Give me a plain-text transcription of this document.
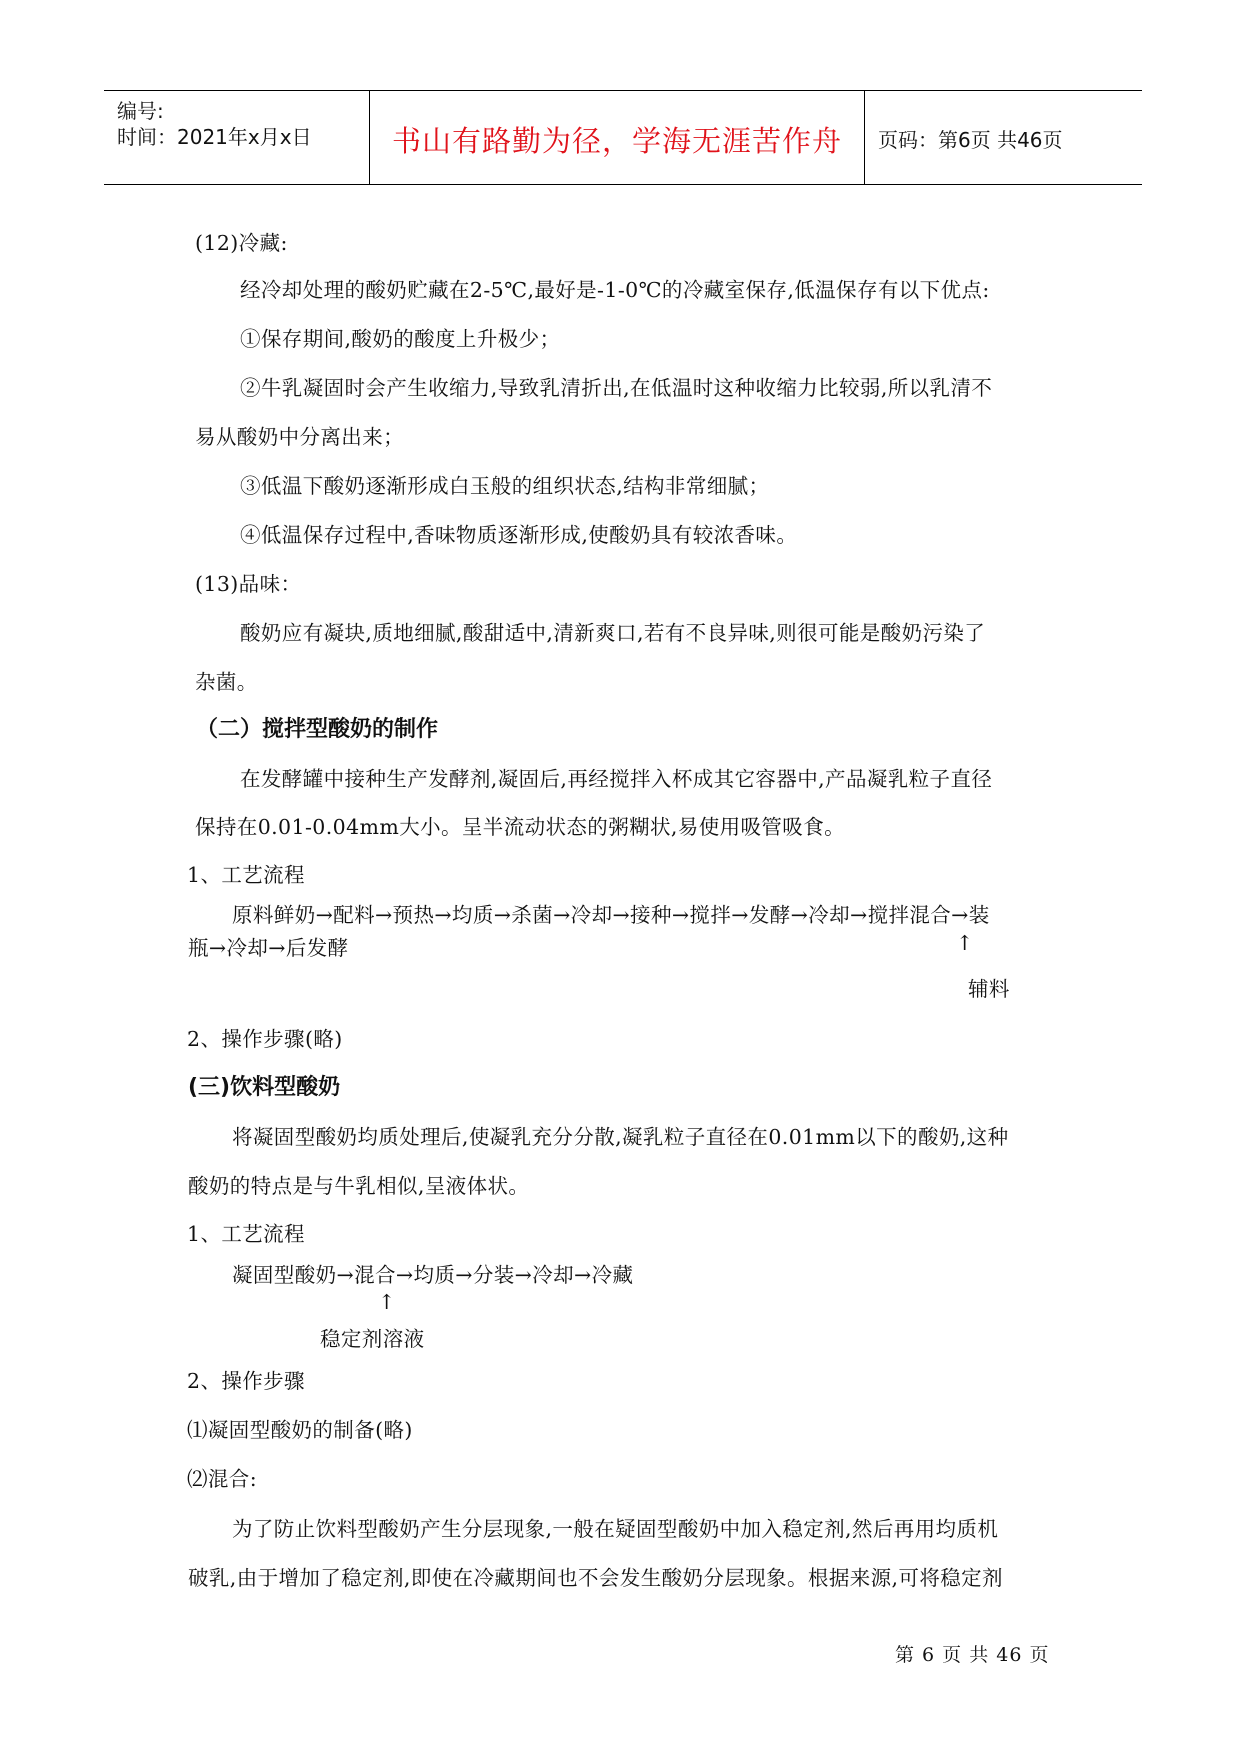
编号:
时间：2021年x月x日	书山有路勤为径，学海无涯苦作舟	页码：第6页 共46页
(12)冷藏:
经冷却处理的酸奶贮藏在2-5℃,最好是-1-0℃的冷藏室保存,低温保存有以下优点:
①保存期间,酸奶的酸度上升极少；
②牛乳凝固时会产生收缩力,导致乳清折出,在低温时这种收缩力比较弱,所以乳清不
易从酸奶中分离出来；
③低温下酸奶逐渐形成白玉般的组织状态,结构非常细腻；
④低温保存过程中,香味物质逐渐形成,使酸奶具有较浓香味。
(13)品味：
酸奶应有凝块,质地细腻,酸甜适中,清新爽口,若有不良异味,则很可能是酸奶污染了
杂菌。
（二）搅拌型酸奶的制作
在发酵罐中接种生产发酵剂,凝固后,再经搅拌入杯成其它容器中,产品凝乳粒子直径
保持在0.01-0.04mm大小。呈半流动状态的粥糊状,易使用吸管吸食。
1、工艺流程
原料鲜奶→配料→预热→均质→杀菌→冷却→接种→搅拌→发酵→冷却→搅拌混合→装
瓶→冷却→后发酵	↑
辅料
2、操作步骤(略)
(三)饮料型酸奶
将凝固型酸奶均质处理后,使凝乳充分分散,凝乳粒子直径在0.01mm以下的酸奶,这种
酸奶的特点是与牛乳相似,呈液体状。
1、工艺流程
凝固型酸奶→混合→均质→分装→冷却→冷藏
↑
稳定剂溶液
2、操作步骤
⑴凝固型酸奶的制备(略)
⑵混合:
为了防止饮料型酸奶产生分层现象,一般在疑固型酸奶中加入稳定剂,然后再用均质机
破乳,由于增加了稳定剂,即使在冷藏期间也不会发生酸奶分层现象。根据来源,可将稳定剂
第 6 页 共 46 页
